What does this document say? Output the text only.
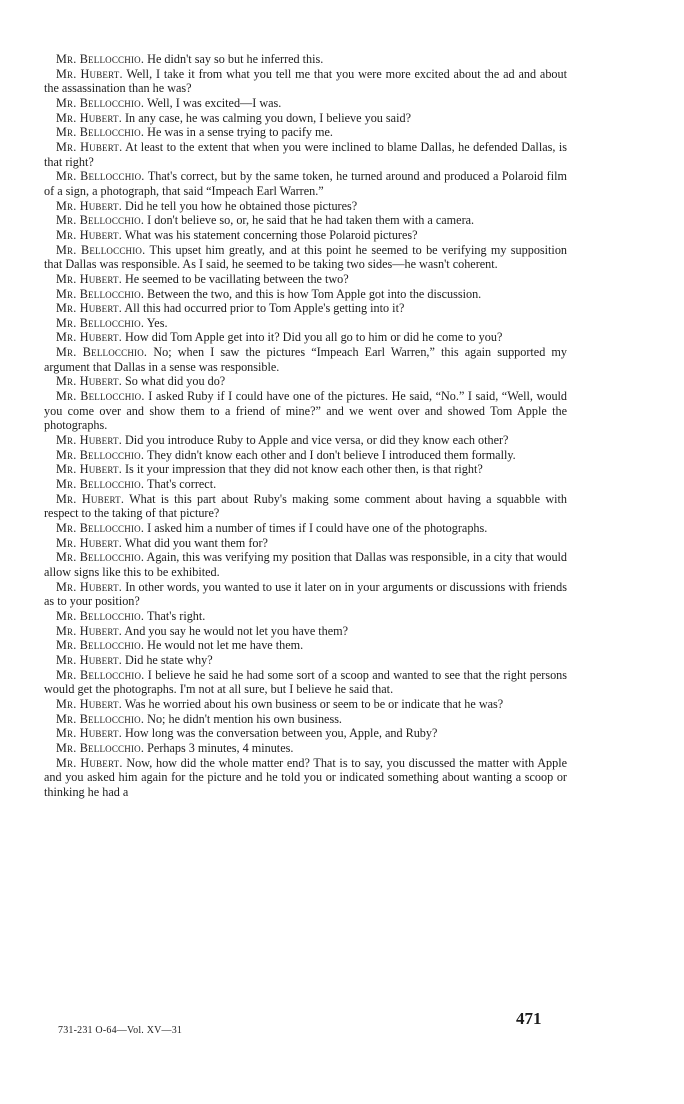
Mr. Bellocchio. He didn't say so but he inferred this.

Mr. Hubert. Well, I take it from what you tell me that you were more excited about the ad and about the assassination than he was?

Mr. Bellocchio. Well, I was excited—I was.

Mr. Hubert. In any case, he was calming you down, I believe you said?

Mr. Bellocchio. He was in a sense trying to pacify me.

Mr. Hubert. At least to the extent that when you were inclined to blame Dallas, he defended Dallas, is that right?

Mr. Bellocchio. That's correct, but by the same token, he turned around and produced a Polaroid film of a sign, a photograph, that said “Impeach Earl Warren.”

Mr. Hubert. Did he tell you how he obtained those pictures?

Mr. Bellocchio. I don't believe so, or, he said that he had taken them with a camera.

Mr. Hubert. What was his statement concerning those Polaroid pictures?

Mr. Bellocchio. This upset him greatly, and at this point he seemed to be verifying my supposition that Dallas was responsible. As I said, he seemed to be taking two sides—he wasn't coherent.

Mr. Hubert. He seemed to be vacillating between the two?

Mr. Bellocchio. Between the two, and this is how Tom Apple got into the discussion.

Mr. Hubert. All this had occurred prior to Tom Apple's getting into it?

Mr. Bellocchio. Yes.

Mr. Hubert. How did Tom Apple get into it? Did you all go to him or did he come to you?

Mr. Bellocchio. No; when I saw the pictures “Impeach Earl Warren,” this again supported my argument that Dallas in a sense was responsible.

Mr. Hubert. So what did you do?

Mr. Bellocchio. I asked Ruby if I could have one of the pictures. He said, “No.” I said, “Well, would you come over and show them to a friend of mine?” and we went over and showed Tom Apple the photographs.

Mr. Hubert. Did you introduce Ruby to Apple and vice versa, or did they know each other?

Mr. Bellocchio. They didn't know each other and I don't believe I introduced them formally.

Mr. Hubert. Is it your impression that they did not know each other then, is that right?

Mr. Bellocchio. That's correct.

Mr. Hubert. What is this part about Ruby's making some comment about having a squabble with respect to the taking of that picture?

Mr. Bellocchio. I asked him a number of times if I could have one of the photographs.

Mr. Hubert. What did you want them for?

Mr. Bellocchio. Again, this was verifying my position that Dallas was responsible, in a city that would allow signs like this to be exhibited.

Mr. Hubert. In other words, you wanted to use it later on in your arguments or discussions with friends as to your position?

Mr. Bellocchio. That's right.

Mr. Hubert. And you say he would not let you have them?

Mr. Bellocchio. He would not let me have them.

Mr. Hubert. Did he state why?

Mr. Bellocchio. I believe he said he had some sort of a scoop and wanted to see that the right persons would get the photographs. I'm not at all sure, but I believe he said that.

Mr. Hubert. Was he worried about his own business or seem to be or indicate that he was?

Mr. Bellocchio. No; he didn't mention his own business.

Mr. Hubert. How long was the conversation between you, Apple, and Ruby?

Mr. Bellocchio. Perhaps 3 minutes, 4 minutes.

Mr. Hubert. Now, how did the whole matter end? That is to say, you discussed the matter with Apple and you asked him again for the picture and he told you or indicated something about wanting a scoop or thinking he had a

471
731-231 O-64—Vol. XV—31
